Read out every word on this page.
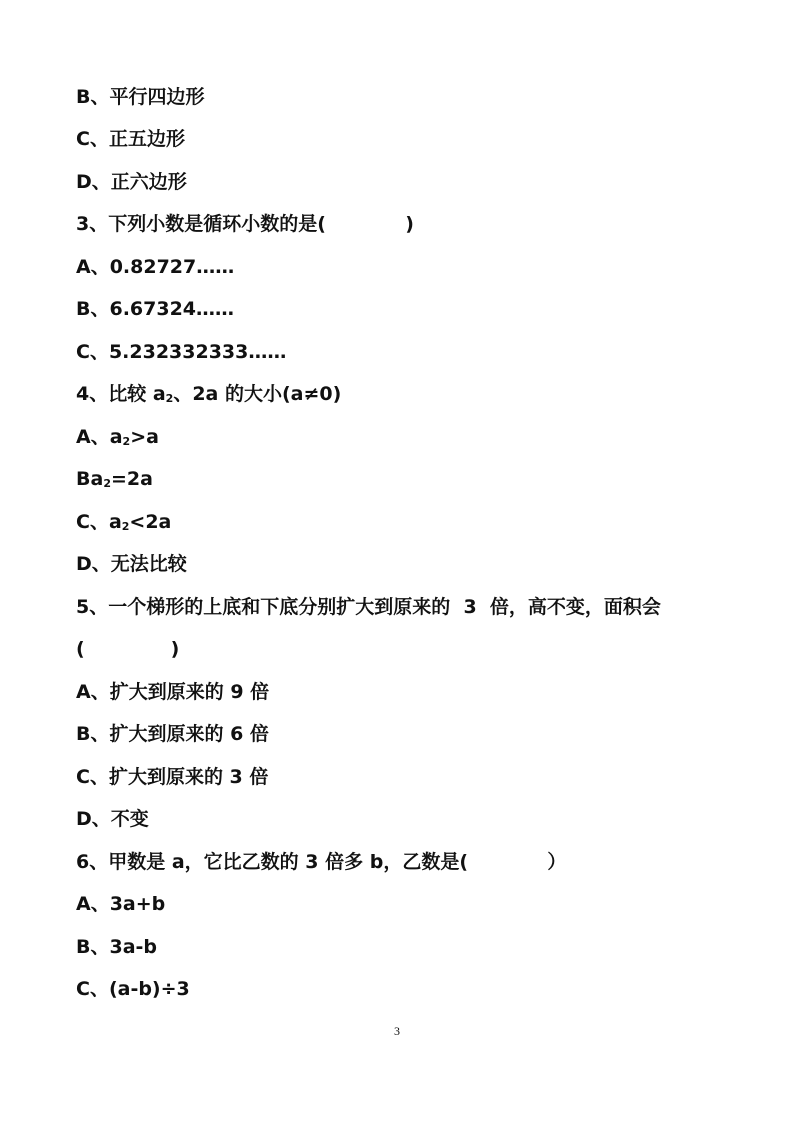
B、平行四边形
C、正五边形
D、正六边形
3、下列小数是循环小数的是(            )
A、0.82727……
B、6.67324……
C、5.232332333……
4、比较 a2、2a 的大小(a≠0)
A、a2>a
Ba2=2a
C、a2<2a
D、无法比较
5、一个梯形的上底和下底分别扩大到原来的  3  倍，高不变，面积会
(             )
A、扩大到原来的 9 倍
B、扩大到原来的 6 倍
C、扩大到原来的 3 倍
D、不变
6、甲数是 a，它比乙数的 3 倍多 b，乙数是(            ）
A、3a+b
B、3a-b
C、(a-b)÷3
3
